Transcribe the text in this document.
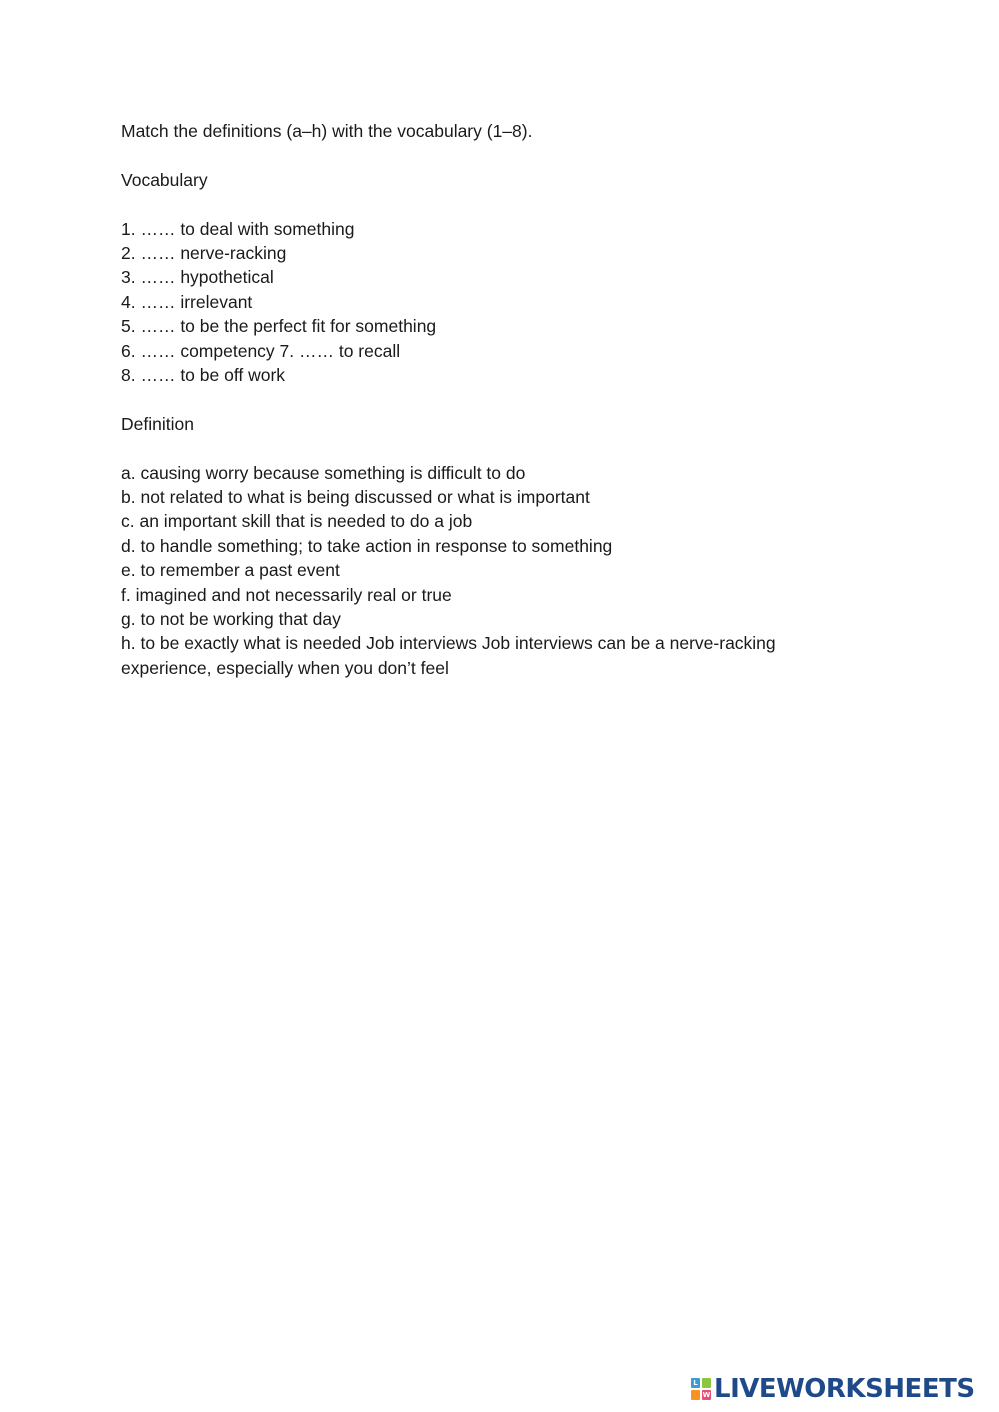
Match the definitions (a–h) with the vocabulary (1–8).

Vocabulary

1. …… to deal with something

2. …… nerve-racking

3. …… hypothetical

4. …… irrelevant

5. …… to be the perfect fit for something

6. …… competency 7. …… to recall

8. …… to be off work

Definition

a. causing worry because something is difficult to do

b. not related to what is being discussed or what is important

c. an important skill that is needed to do a job

d. to handle something; to take action in response to something

e. to remember a past event

f. imagined and not necessarily real or true

g. to not be working that day

h. to be exactly what is needed Job interviews Job interviews can be a nerve-racking experience, especially when you don’t feel

L
W LIVEWORKSHEETS
